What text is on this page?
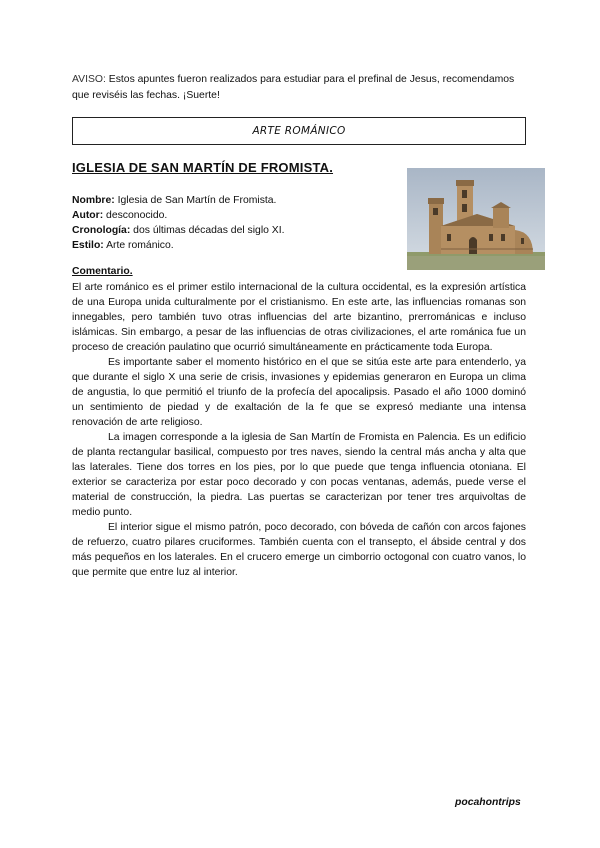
AVISO: Estos apuntes fueron realizados para estudiar para el prefinal de Jesus, recomendamos que reviséis las fechas. ¡Suerte!
ARTE ROMÁNICO
IGLESIA DE SAN MARTÍN DE FROMISTA.
Nombre: Iglesia de San Martín de Fromista.
Autor: desconocido.
Cronología: dos últimas décadas del siglo XI.
Estilo: Arte románico.
Comentario.

El arte románico es el primer estilo internacional de la cultura occidental, es la expresión artística de una Europa unida culturalmente por el cristianismo. En este arte, las influencias romanas son innegables, pero también tuvo otras influencias del arte bizantino, prerrománicas e incluso islámicas. Sin embargo, a pesar de las influencias de otras civilizaciones, el arte románica fue un proceso de creación paulatino que ocurrió simultáneamente en prácticamente toda Europa.

Es importante saber el momento histórico en el que se sitúa este arte para entenderlo, ya que durante el siglo X una serie de crisis, invasiones y epidemias generaron en Europa un clima de angustia, lo que permitió el triunfo de la profecía del apocalipsis. Pasado el año 1000 dominó un sentimiento de piedad y de exaltación de la fe que se expresó mediante una intensa renovación de arte religioso.

La imagen corresponde a la iglesia de San Martín de Fromista en Palencia. Es un edificio de planta rectangular basilical, compuesto por tres naves, siendo la central más ancha y alta que las laterales. Tiene dos torres en los pies, por lo que puede que tenga influencia otoniana. El exterior se caracteriza por estar poco decorado y con pocas ventanas, además, puede verse el material de construcción, la piedra. Las puertas se caracterizan por tener tres arquivoltas de medio punto.

El interior sigue el mismo patrón, poco decorado, con bóveda de cañón con arcos fajones de refuerzo, cuatro pilares cruciformes. También cuenta con el transepto, el ábside central y dos más pequeños en los laterales. En el crucero emerge un cimborrio octogonal con cuatro vanos, lo que permite que entre luz al interior.

pocahontrips
